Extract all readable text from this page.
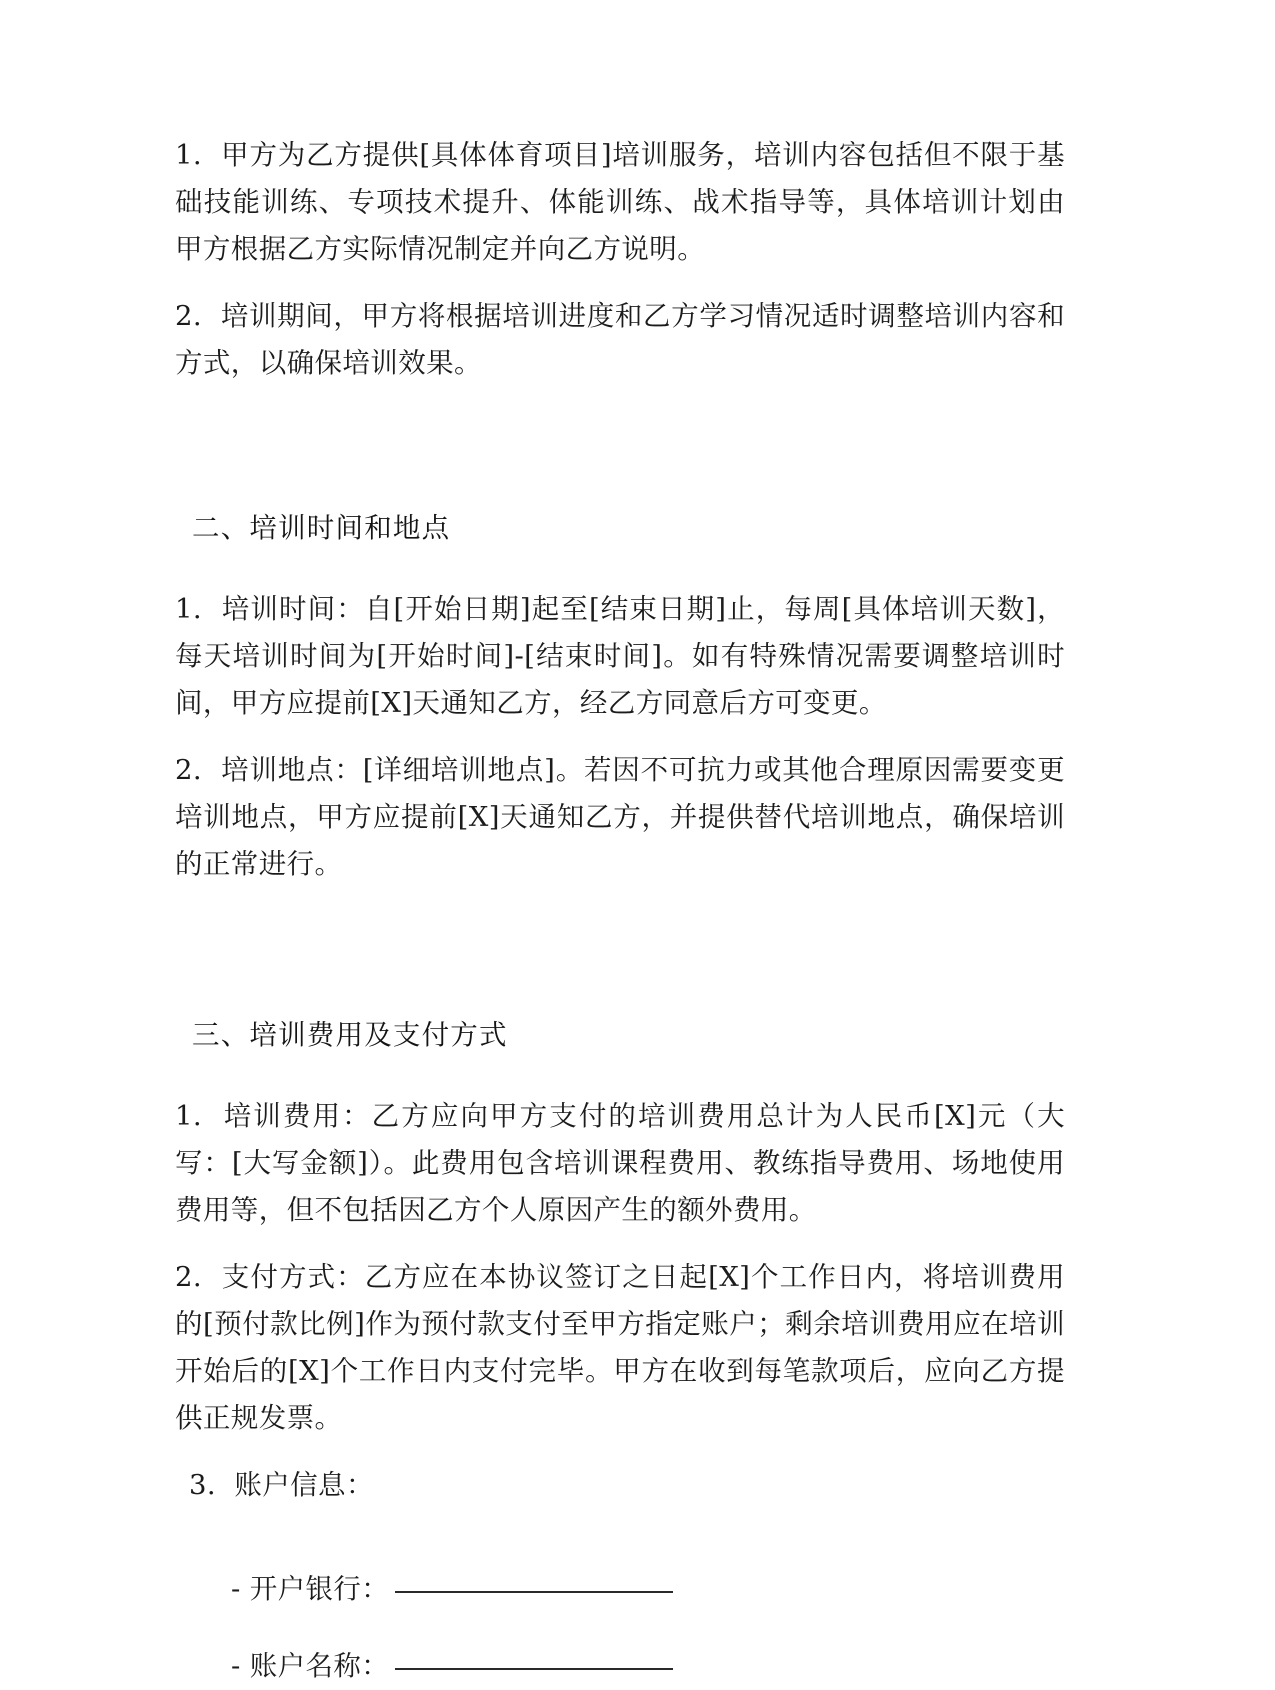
1. 甲方为乙方提供[具体体育项目]培训服务，培训内容包括但不限于基础技能训练、专项技术提升、体能训练、战术指导等，具体培训计划由甲方根据乙方实际情况制定并向乙方说明。

2. 培训期间，甲方将根据培训进度和乙方学习情况适时调整培训内容和方式，以确保培训效果。

二、培训时间和地点

1. 培训时间：自[开始日期]起至[结束日期]止，每周[具体培训天数]，每天培训时间为[开始时间]-[结束时间]。如有特殊情况需要调整培训时间，甲方应提前[X]天通知乙方，经乙方同意后方可变更。

2. 培训地点：[详细培训地点]。若因不可抗力或其他合理原因需要变更培训地点，甲方应提前[X]天通知乙方，并提供替代培训地点，确保培训的正常进行。

三、培训费用及支付方式

1. 培训费用：乙方应向甲方支付的培训费用总计为人民币[X]元（大写：[大写金额]）。此费用包含培训课程费用、教练指导费用、场地使用费用等，但不包括因乙方个人原因产生的额外费用。

2. 支付方式：乙方应在本协议签订之日起[X]个工作日内，将培训费用的[预付款比例]作为预付款支付至甲方指定账户；剩余培训费用应在培训开始后的[X]个工作日内支付完毕。甲方在收到每笔款项后，应向乙方提供正规发票。

3. 账户信息：

- 开户银行：

- 账户名称：
